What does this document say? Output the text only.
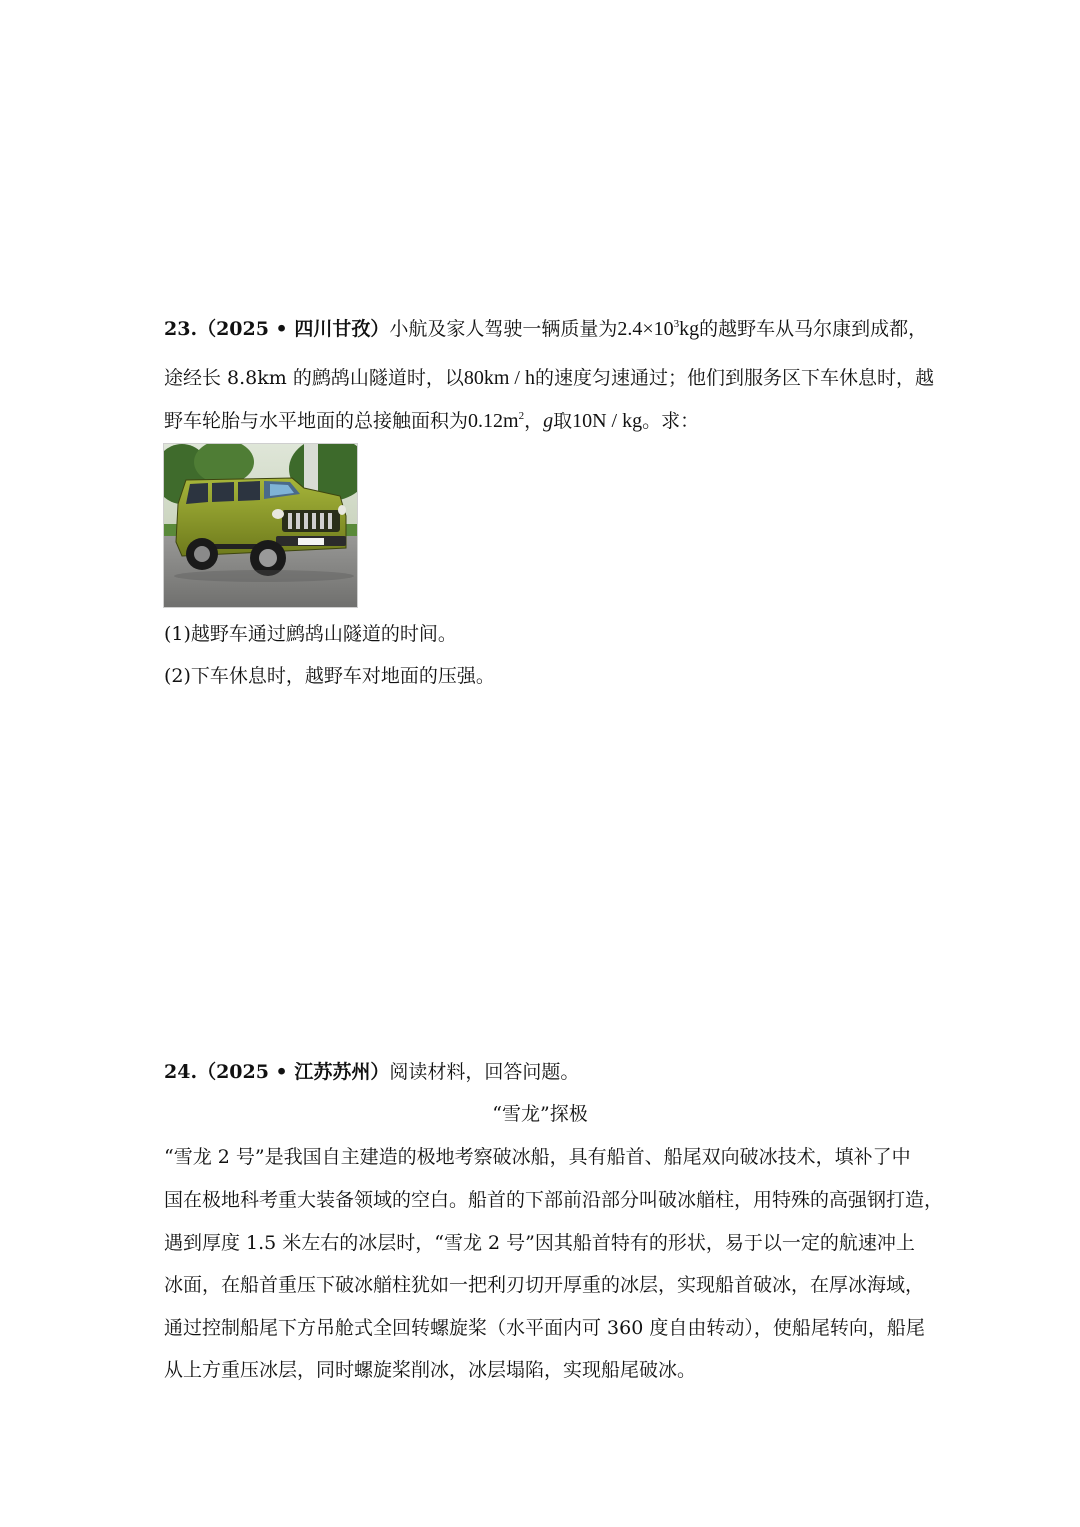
23.（2025 • 四川甘孜）小航及家人驾驶一辆质量为$2.4\times 10^3kg$的越野车从马尔康到成都，
途经长 8.8km 的鹧鸪山隧道时，以80km / h的速度匀速通过；他们到服务区下车休息时，越
野车轮胎与水平地面的总接触面积为$0.12m^2$，g取10N / kg。求：
(1)越野车通过鹧鸪山隧道的时间。
(2)下车休息时，越野车对地面的压强。
24.（2025 • 江苏苏州）阅读材料，回答问题。
“雪龙”探极
“雪龙 2 号”是我国自主建造的极地考察破冰船，具有船首、船尾双向破冰技术，填补了中
国在极地科考重大装备领域的空白。船首的下部前沿部分叫破冰艏柱，用特殊的高强钢打造，
遇到厚度 1.5 米左右的冰层时，“雪龙 2 号”因其船首特有的形状，易于以一定的航速冲上
冰面，在船首重压下破冰艏柱犹如一把利刃切开厚重的冰层，实现船首破冰，在厚冰海域，
通过控制船尾下方吊舱式全回转螺旋桨（水平面内可 360 度自由转动），使船尾转向，船尾
从上方重压冰层，同时螺旋桨削冰，冰层塌陷，实现船尾破冰。
